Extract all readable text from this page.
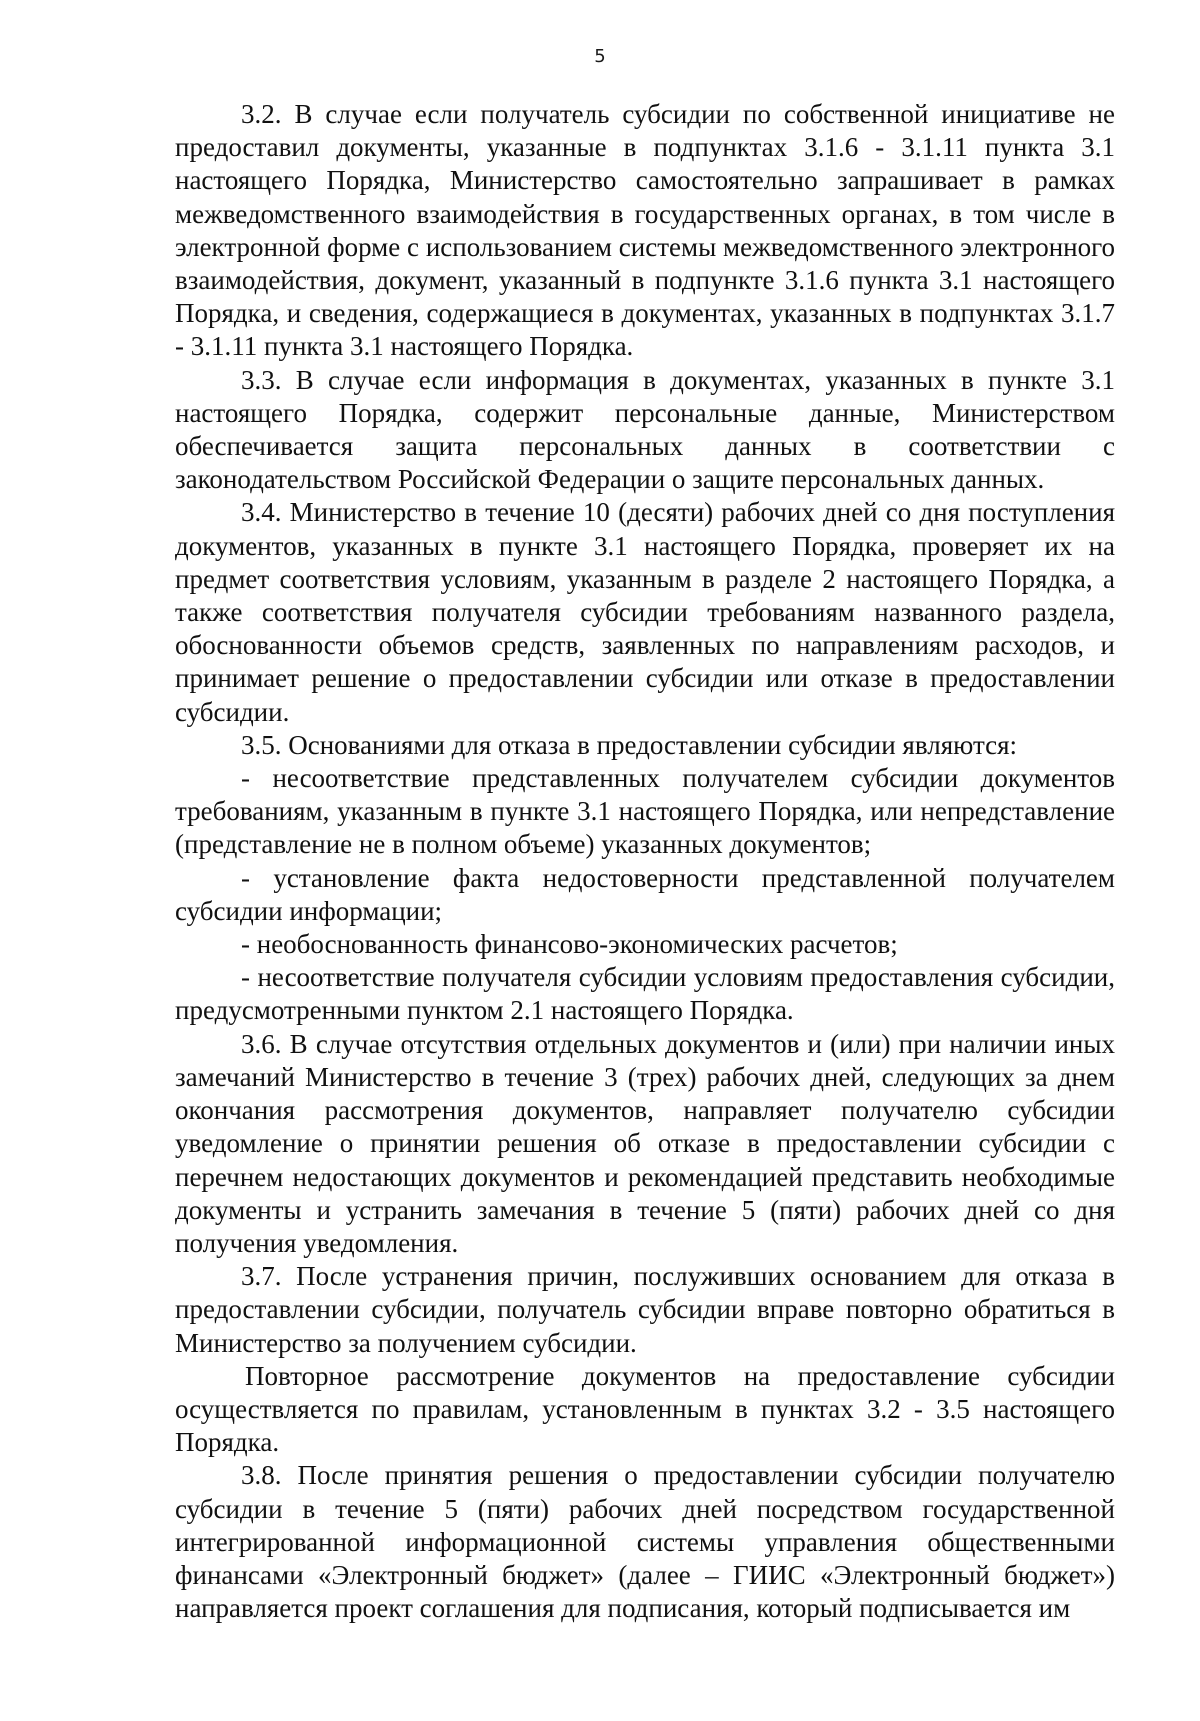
5

3.2. В случае если получатель субсидии по собственной инициативе не предоставил документы, указанные в подпунктах 3.1.6 - 3.1.11 пункта 3.1 настоящего Порядка, Министерство самостоятельно запрашивает в рамках межведомственного взаимодействия в государственных органах, в том числе в электронной форме с использованием системы межведомственного электронного взаимодействия, документ, указанный в подпункте 3.1.6 пункта 3.1 настоящего Порядка, и сведения, содержащиеся в документах, указанных в подпунктах 3.1.7 - 3.1.11 пункта 3.1 настоящего Порядка.

3.3. В случае если информация в документах, указанных в пункте 3.1 настоящего Порядка, содержит персональные данные, Министерством обеспечивается защита персональных данных в соответствии с законодательством Российской Федерации о защите персональных данных.

3.4. Министерство в течение 10 (десяти) рабочих дней со дня поступления документов, указанных в пункте 3.1 настоящего Порядка, проверяет их на предмет соответствия условиям, указанным в разделе 2 настоящего Порядка, а также соответствия получателя субсидии требованиям названного раздела, обоснованности объемов средств, заявленных по направлениям расходов, и принимает решение о предоставлении субсидии или отказе в предоставлении субсидии.

3.5. Основаниями для отказа в предоставлении субсидии являются:

- несоответствие представленных получателем субсидии документов требованиям, указанным в пункте 3.1 настоящего Порядка, или непредставление (представление не в полном объеме) указанных документов;

- установление факта недостоверности представленной получателем субсидии информации;

- необоснованность финансово-экономических расчетов;

- несоответствие получателя субсидии условиям предоставления субсидии, предусмотренными пунктом 2.1 настоящего Порядка.

3.6. В случае отсутствия отдельных документов и (или) при наличии иных замечаний Министерство в течение 3 (трех) рабочих дней, следующих за днем окончания рассмотрения документов, направляет получателю субсидии уведомление о принятии решения об отказе в предоставлении субсидии с перечнем недостающих документов и рекомендацией представить необходимые документы и устранить замечания в течение 5 (пяти) рабочих дней со дня получения уведомления.

3.7. После устранения причин, послуживших основанием для отказа в предоставлении субсидии, получатель субсидии вправе повторно обратиться в Министерство за получением субсидии.

Повторное рассмотрение документов на предоставление субсидии осуществляется по правилам, установленным в пунктах 3.2 - 3.5 настоящего Порядка.

3.8. После принятия решения о предоставлении субсидии получателю субсидии в течение 5 (пяти) рабочих дней посредством государственной интегрированной информационной системы управления общественными финансами «Электронный бюджет» (далее – ГИИС «Электронный бюджет») направляется проект соглашения для подписания, который подписывается им
